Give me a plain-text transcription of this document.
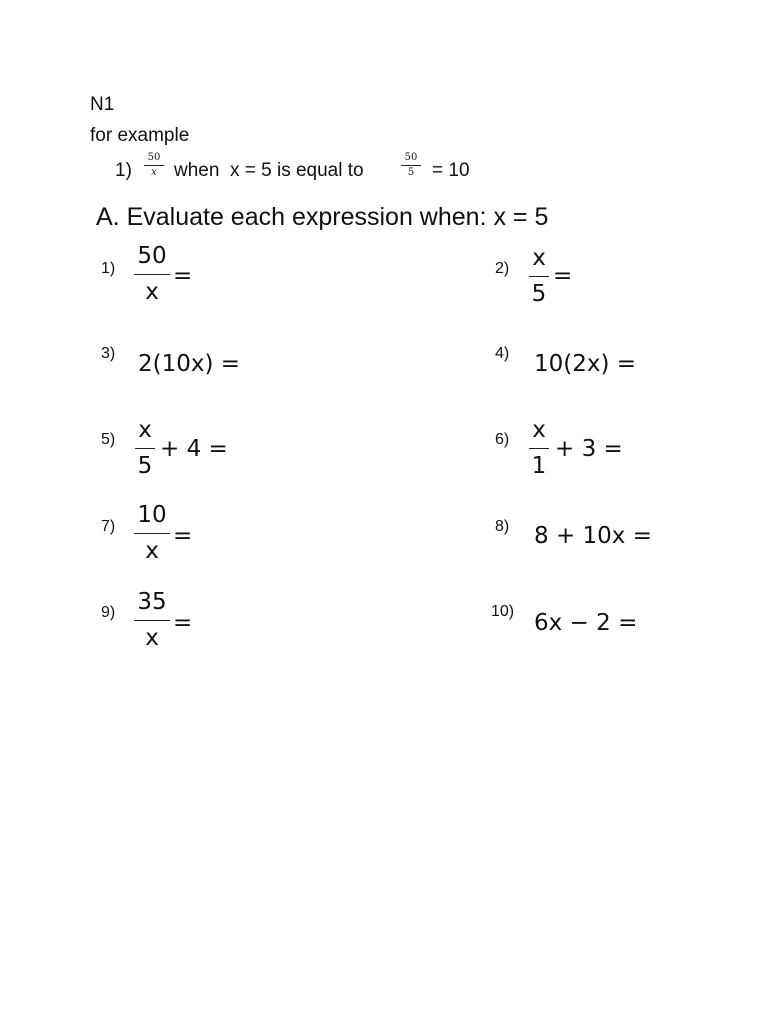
N1
for example
1)
50
x when  x = 5 is equal to
50
5 = 10
A. Evaluate each expression when: x = 5
1) 50
x
=	2) x
5
=
3) 2(10x) =	4) 10(2x) =
5) x
5
+ 4 =	6) x
1
+ 3 =
7) 10
x
=	8) 8 + 10x =
9) 35
x
=	10) 6x − 2 =
